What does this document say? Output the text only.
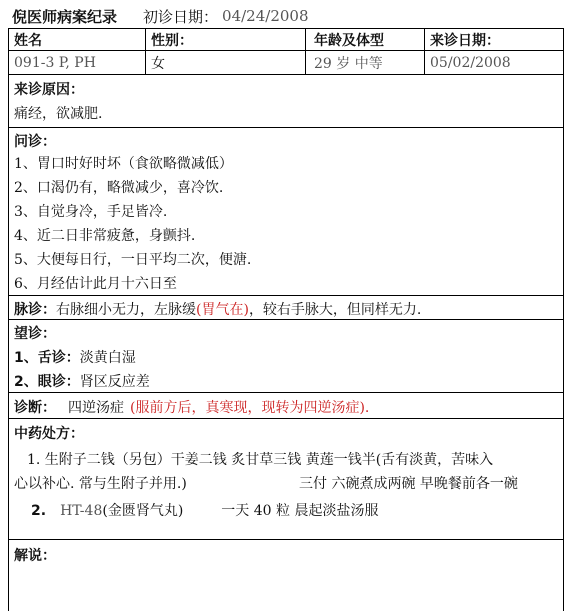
倪医师病案纪录 初诊日期： 04/24/2008
姓名	性别：	年龄及体型	来诊日期：
091-3 P, PH	女	29 岁 中等	05/02/2008
来诊原因：
痛经，欲减肥.
问诊：
1、胃口时好时坏（食欲略微减低）
2、口渴仍有，略微减少，喜冷饮.
3、自觉身冷，手足皆冷.
4、近二日非常疲惫，身颤抖.
5、大便每日行，一日平均二次，便溏.
6、月经估计此月十六日至
脉诊：右脉细小无力，左脉缓(胃气在)，较右手脉大，但同样无力.
望诊：
1、舌诊：淡黄白湿
2、眼诊：肾区反应差
诊断： 四逆汤症 (服前方后，真寒现，现转为四逆汤症).
中药处方：
1. 生附子二钱（另包）干姜二钱 炙甘草三钱 黄莲一钱半(舌有淡黄，苦味入
心以补心. 常与生附子并用.)	三付 六碗煮成两碗 早晚餐前各一碗
2. HT-48(金匮肾气丸)	一天 40 粒 晨起淡盐汤服
解说：
